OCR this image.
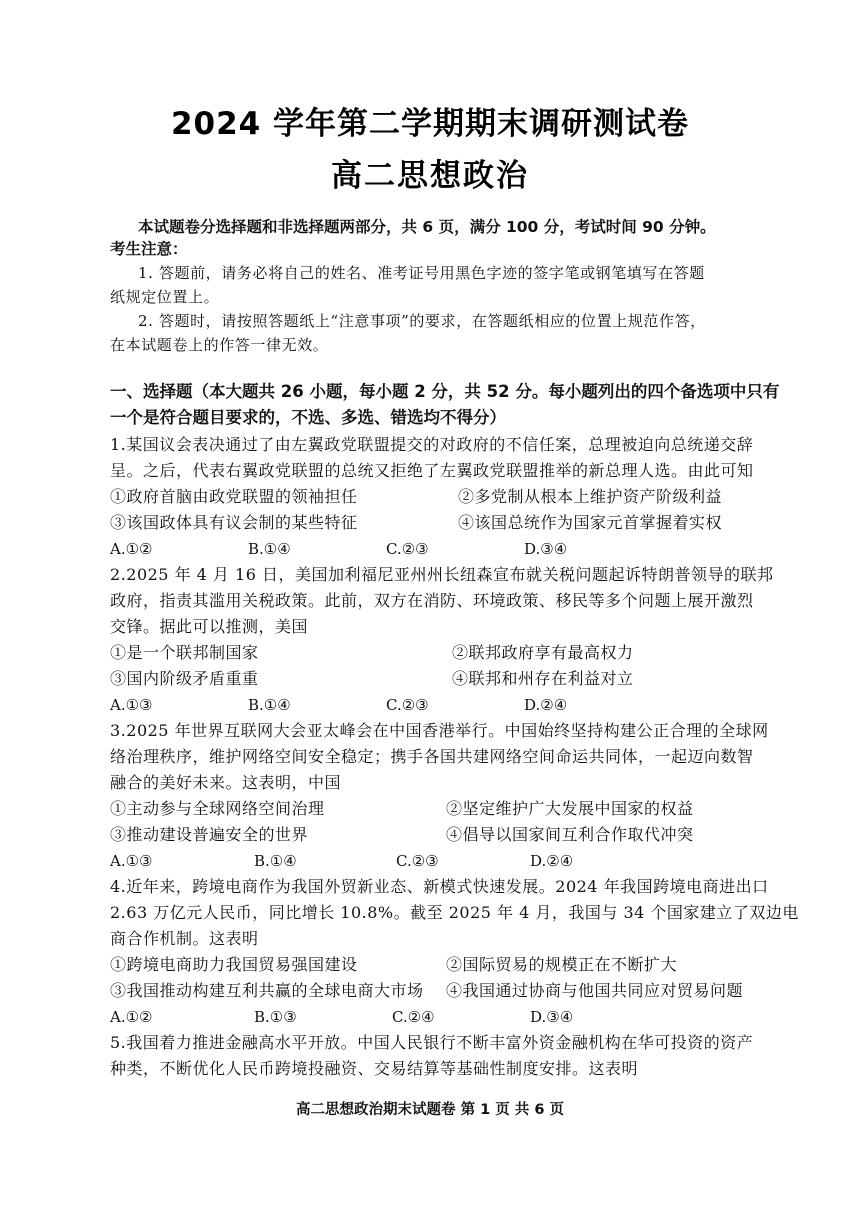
2024 学年第二学期期末调研测试卷
高二思想政治
本试题卷分选择题和非选择题两部分，共 6 页，满分 100 分，考试时间 90 分钟。
考生注意：
1. 答题前，请务必将自己的姓名、准考证号用黑色字迹的签字笔或钢笔填写在答题
纸规定位置上。
2. 答题时，请按照答题纸上“注意事项”的要求，在答题纸相应的位置上规范作答，
在本试题卷上的作答一律无效。
一、选择题（本大题共 26 小题，每小题 2 分，共 52 分。每小题列出的四个备选项中只有
一个是符合题目要求的，不选、多选、错选均不得分）
1.某国议会表决通过了由左翼政党联盟提交的对政府的不信任案，总理被迫向总统递交辞
呈。之后，代表右翼政党联盟的总统又拒绝了左翼政党联盟推举的新总理人选。由此可知
①政府首脑由政党联盟的领袖担任	②多党制从根本上维护资产阶级利益
③该国政体具有议会制的某些特征	④该国总统作为国家元首掌握着实权
A.①②	B.①④	C.②③	D.③④
2.2025 年 4 月 16 日，美国加利福尼亚州州长纽森宣布就关税问题起诉特朗普领导的联邦
政府，指责其滥用关税政策。此前，双方在消防、环境政策、移民等多个问题上展开激烈
交锋。据此可以推测，美国
①是一个联邦制国家	②联邦政府享有最高权力
③国内阶级矛盾重重	④联邦和州存在利益对立
A.①③	B.①④	C.②③	D.②④
3.2025 年世界互联网大会亚太峰会在中国香港举行。中国始终坚持构建公正合理的全球网
络治理秩序，维护网络空间安全稳定；携手各国共建网络空间命运共同体，一起迈向数智
融合的美好未来。这表明，中国
①主动参与全球网络空间治理	②坚定维护广大发展中国家的权益
③推动建设普遍安全的世界	④倡导以国家间互利合作取代冲突
A.①③	B.①④	C.②③	D.②④
4.近年来，跨境电商作为我国外贸新业态、新模式快速发展。2024 年我国跨境电商进出口
2.63 万亿元人民币，同比增长 10.8%。截至 2025 年 4 月，我国与 34 个国家建立了双边电
商合作机制。这表明
①跨境电商助力我国贸易强国建设	②国际贸易的规模正在不断扩大
③我国推动构建互利共赢的全球电商大市场 ④我国通过协商与他国共同应对贸易问题
A.①②	B.①③	C.②④	D.③④
5.我国着力推进金融高水平开放。中国人民银行不断丰富外资金融机构在华可投资的资产
种类，不断优化人民币跨境投融资、交易结算等基础性制度安排。这表明
高二思想政治期末试题卷 第 1 页 共 6 页
